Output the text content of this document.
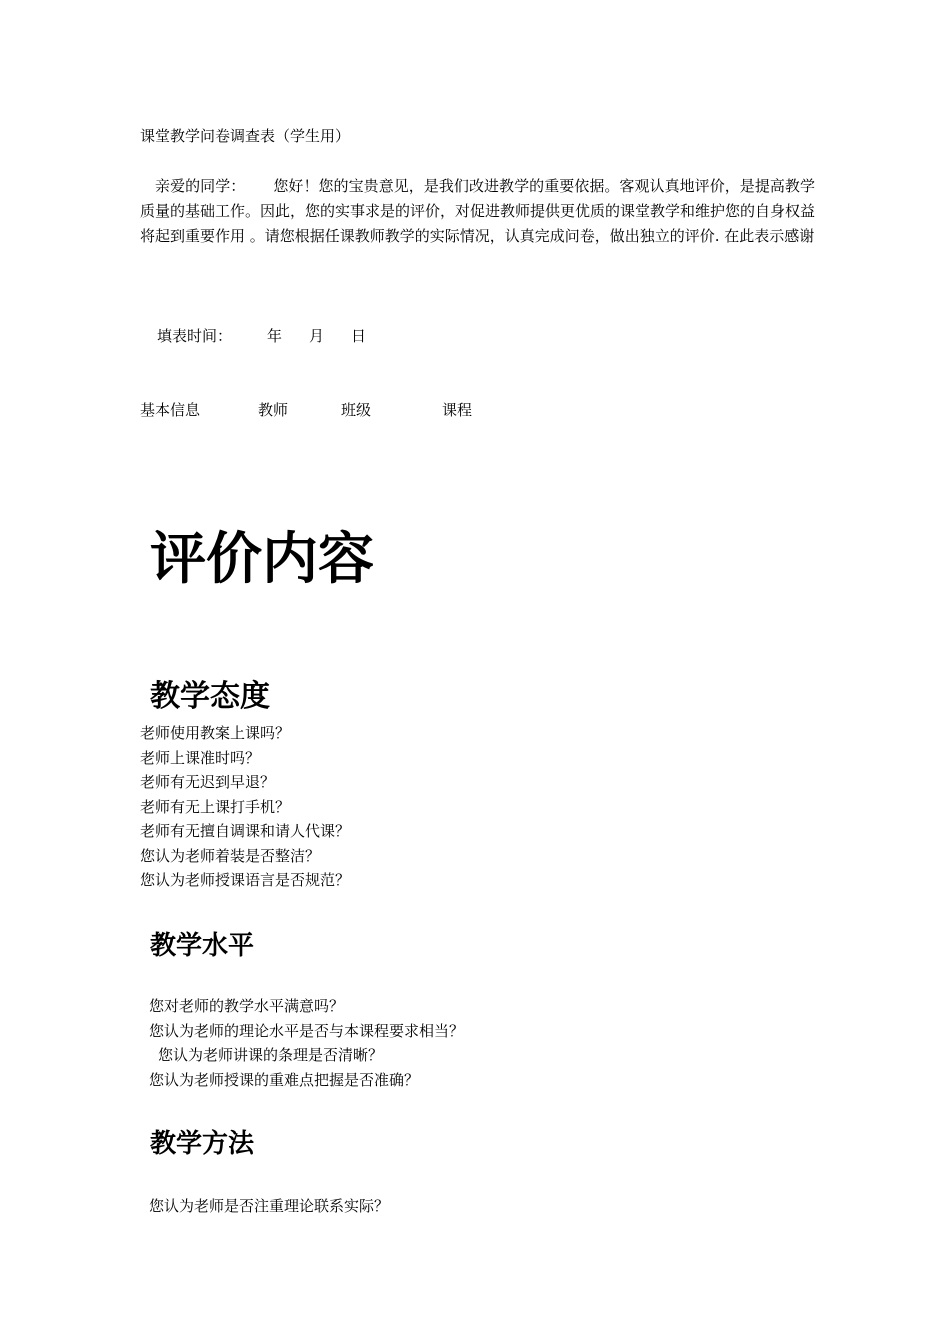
课堂教学问卷调查表（学生用）
亲爱的同学： 您好！您的宝贵意见，是我们改进教学的重要依据。客观认真地评价，是提高教学质量的基础工作。因此，您的实事求是的评价，对促进教师提供更优质的课堂教学和维护您的自身权益将起到重要作用 。请您根据任课教师教学的实际情况，认真完成问卷，做出独立的评价. 在此表示感谢
填表时间： 年 月 日
基本信息	教师	班级	课程
评价内容
教学态度
老师使用教案上课吗？
老师上课准时吗？
老师有无迟到早退？
老师有无上课打手机？
老师有无擅自调课和请人代课？
您认为老师着装是否整洁？
您认为老师授课语言是否规范？
教学水平
您对老师的教学水平满意吗？
您认为老师的理论水平是否与本课程要求相当？
您认为老师讲课的条理是否清晰？
您认为老师授课的重难点把握是否准确？
教学方法
您认为老师是否注重理论联系实际？
